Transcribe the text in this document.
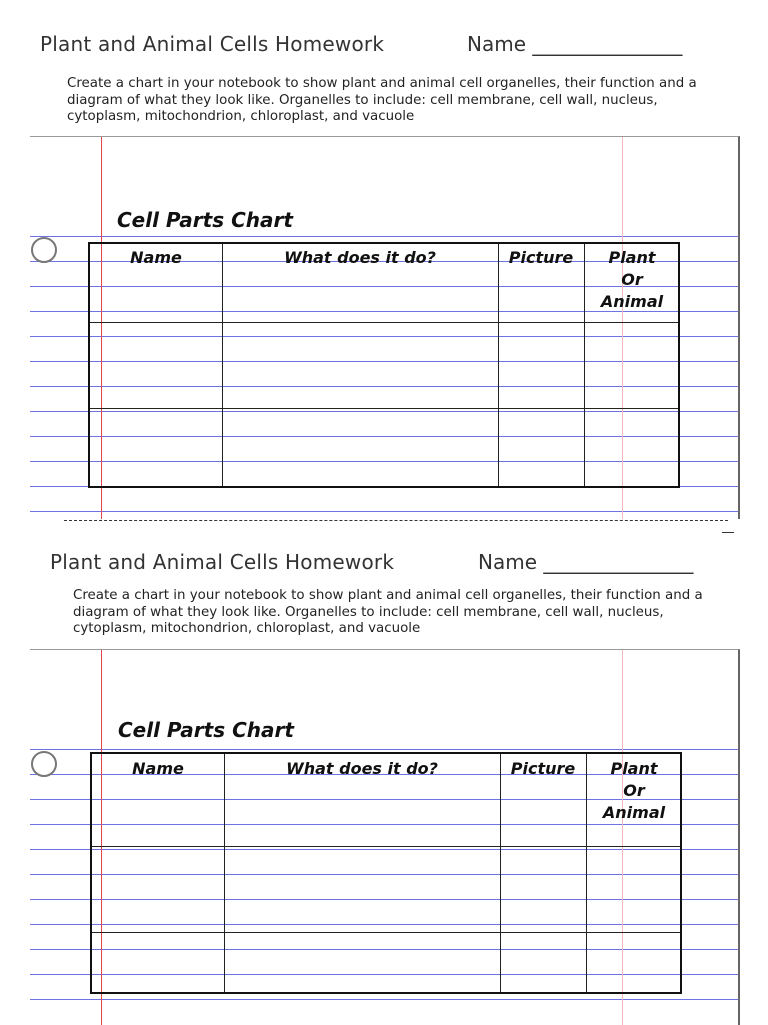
Plant and Animal Cells Homework	Name _______________
Create a chart in your notebook to show plant and animal cell organelles, their function and a diagram of what they look like. Organelles to include: cell membrane, cell wall, nucleus, cytoplasm, mitochondrion, chloroplast, and vacuole
Cell Parts Chart
Name	What does it do?	Picture	Plant
Or
Animal
Plant and Animal Cells Homework	Name _______________
Create a chart in your notebook to show plant and animal cell organelles, their function and a diagram of what they look like. Organelles to include: cell membrane, cell wall, nucleus, cytoplasm, mitochondrion, chloroplast, and vacuole
Cell Parts Chart
Name	What does it do?	Picture	Plant
Or
Animal
